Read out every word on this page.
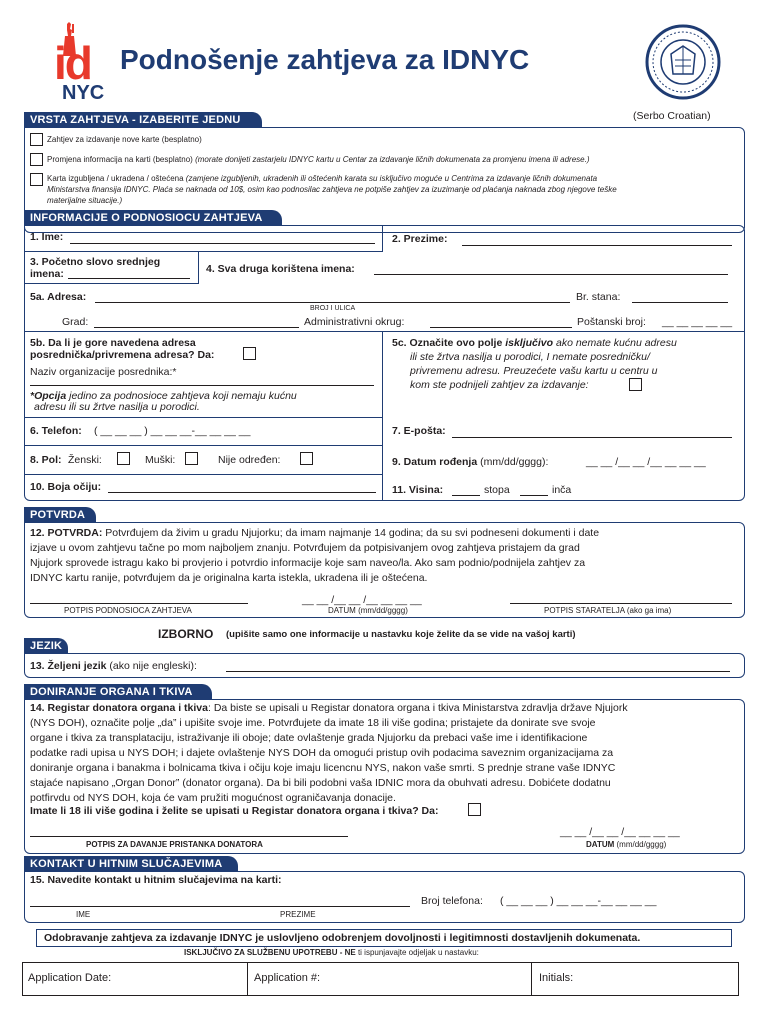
id
NYC
Podnošenje zahtjeva za IDNYC
(Serbo Croatian)
VRSTA ZAHTJEVA - IZABERITE JEDNU
Zahtjev za izdavanje nove karte (besplatno)
Promjena informacija na karti (besplatno) (morate donijeti zastarjelu IDNYC kartu u Centar za izdavanje ličnih dokumenata za promjenu imena ili adrese.)
Karta izgubljena / ukradena / oštećena (zamjene izgubljenih, ukradenih ili oštećenih karata su isključivo moguće u Centrima za izdavanje ličnih dokumenata
Ministarstva finansija IDNYC. Plaća se naknada od 10$, osim kao podnosilac zahtjeva ne potpiše zahtjev za izuzimanje od plaćanja naknada zbog njegove teške
materijalne situacije.)
INFORMACIJE O PODNOSIOCU ZAHTJEVA
1. Ime:	2. Prezime:
3. Početno slovo srednjeg
imena:	4. Sva druga korištena imena:
5a. Adresa:
BROJ I ULICA
Br. stana:
Grad:	Administrativni okrug:	Poštanski broj: __ __ __ __ __
5b. Da li je gore navedena adresa
posrednička/privremena adresa? Da:
Naziv organizacije posrednika:*
*Opcija jedino za podnosioce zahtjeva koji nemaju kućnu
adresu ili su žrtve nasilja u porodici.
5c. Označite ovo polje isključivo ako nemate kućnu adresu
ili ste žrtva nasilja u porodici, I nemate posredničku/
privremenu adresu. Preuzećete vašu kartu u centru u
kom ste podnijeli zahtjev za izdavanje:
6. Telefon: ( __ __ __ ) __ __ __-__ __ __ __	7. E-pošta:
8. Pol: Ženski:	Muški:	Nije određen:	9. Datum rođenja (mm/dd/gggg):	__ __ /__ __ /__ __ __ __
10. Boja očiju:	11. Visina:	stopa	inča
POTVRDA
12. POTVRDA: Potvrđujem da živim u gradu Njujorku; da imam najmanje 14 godina; da su svi podneseni dokumenti i date
izjave u ovom zahtjevu tačne po mom najboljem znanju. Potvrđujem da potpisivanjem ovog zahtjeva pristajem da grad
Njujork sprovede istragu kako bi provjerio i potvrdio informacije koje sam naveo/la. Ako sam podnio/podnijela zahtjev za
IDNYC kartu ranije, potvrđujem da je originalna karta istekla, ukradena ili je oštećena.
POTPIS PODNOSIOCA ZAHTJEVA
__ __ /__ __ /__ __ __ __
DATUM (mm/dd/gggg)	POTPIS STARATELJA (ako ga ima)
IZBORNO (upišite samo one informacije u nastavku koje želite da se vide na vašoj karti)
JEZIK
13. Željeni jezik (ako nije engleski):
DONIRANJE ORGANA I TKIVA
14. Registar donatora organa i tkiva: Da biste se upisali u Registar donatora organa i tkiva Ministarstva zdravlja države Njujork
(NYS DOH), označite polje „da” i upišite svoje ime. Potvrđujete da imate 18 ili više godina; pristajete da donirate sve svoje
organe i tkiva za transplataciju, istraživanje ili oboje; date ovlaštenje grada Njujorku da prebaci vaše ime i identifikacione
podatke radi upisa u NYS DOH; i dajete ovlaštenje NYS DOH da omogući pristup ovih podacima saveznim organizacijama za
doniranje organa i banakma i bolnicama tkiva i očiju koje imaju licencnu NYS, nakon vaše smrti. S prednje strane vaše IDNYC
stajaće napisano „Organ Donor” (donator organa). Da bi bili podobni vaša IDNIC mora da obuhvati adresu. Dobićete dodatnu
potfirvdu od NYS DOH, koja će vam pružiti mogućnost ograničavanja donacije.
Imate li 18 ili više godina i želite se upisati u Registar donatora organa i tkiva? Da:
POTPIS ZA DAVANJE PRISTANKA DONATORA
__ __ /__ __ /__ __ __ __
DATUM (mm/dd/gggg)
KONTAKT U HITNIM SLUČAJEVIMA
15. Navedite kontakt u hitnim slučajevima na karti:
IME	PREZIME
Broj telefona: ( __ __ __ ) __ __ __-__ __ __ __
Odobravanje zahtjeva za izdavanje IDNYC je uslovljeno odobrenjem dovoljnosti i legitimnosti dostavljenih dokumenata.
ISKLJUČIVO ZA SLUŽBENU UPOTREBU - NE ti ispunjavajte odjeljak u nastavku:
Application Date:	Application #:	Initials:
